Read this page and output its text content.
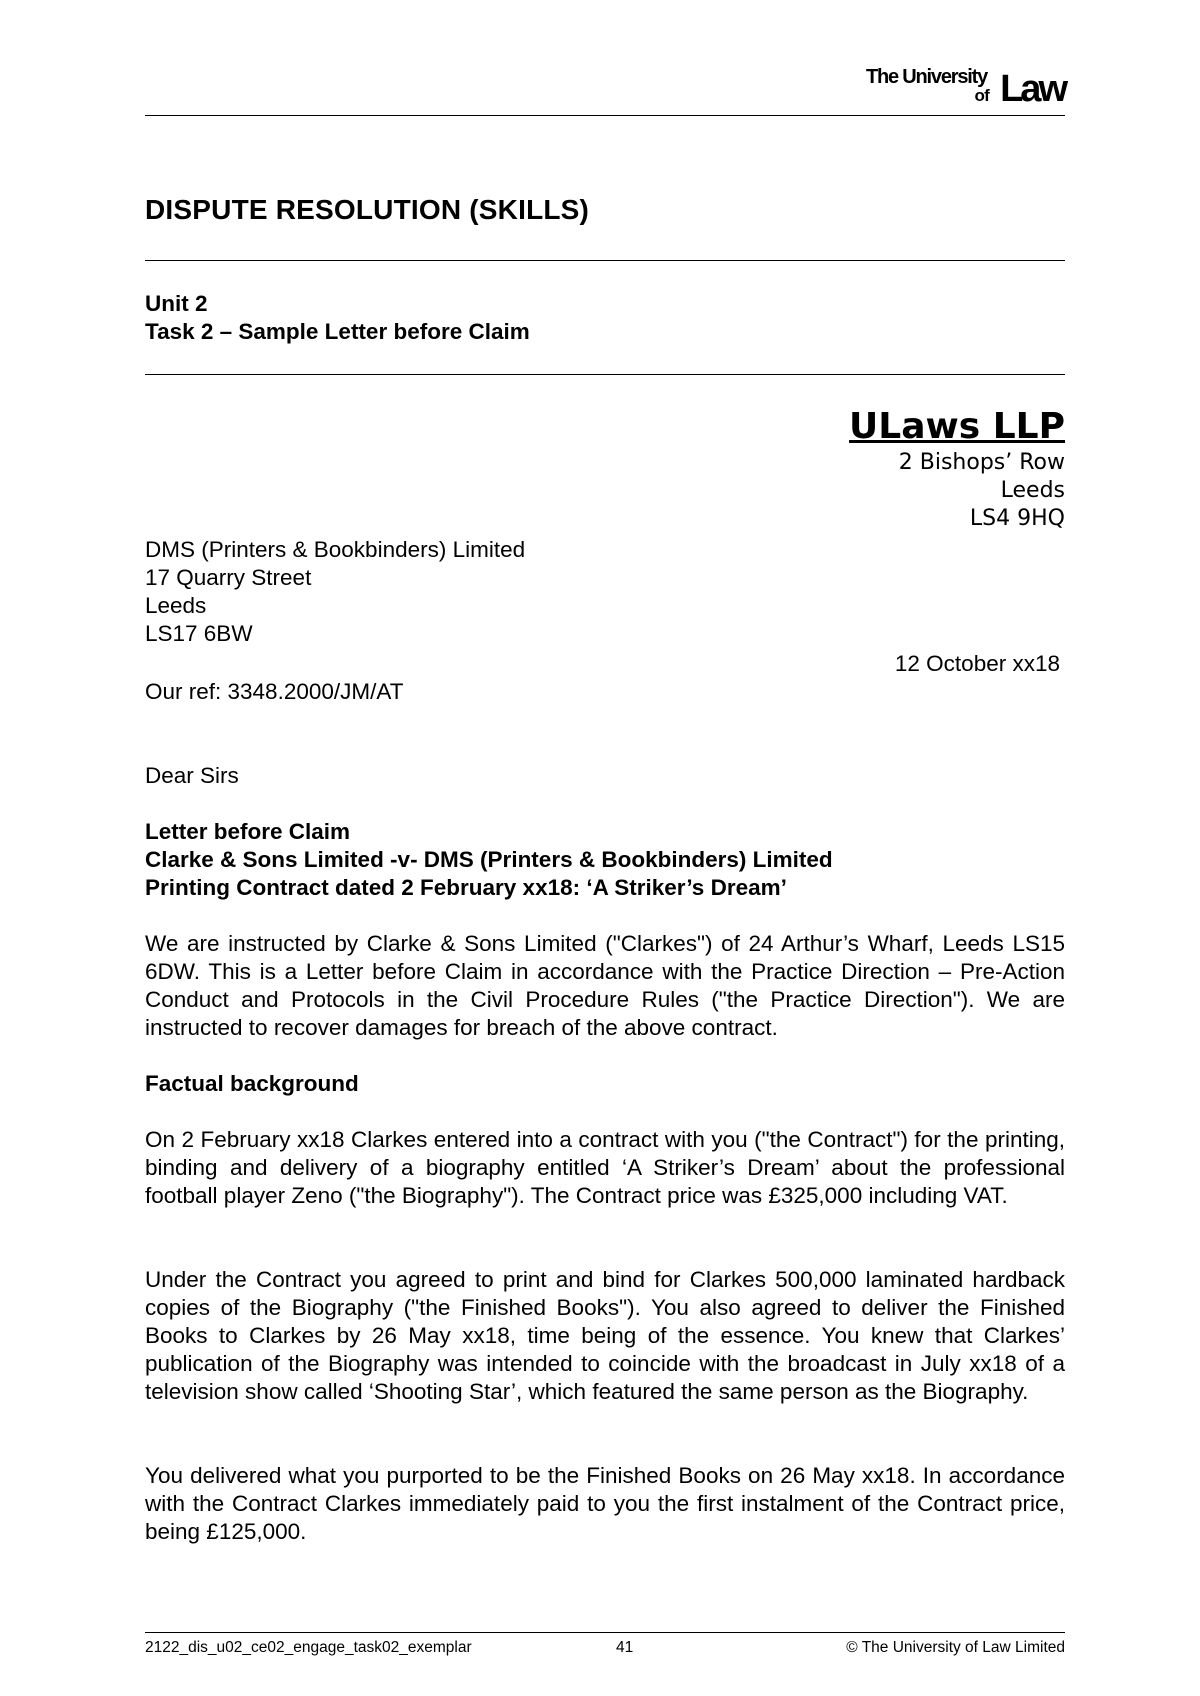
The University
of Law

DISPUTE RESOLUTION (SKILLS)

Unit 2

Task 2 – Sample Letter before Claim

ULaws LLP
2 Bishops’ Row
Leeds
LS4 9HQ

DMS (Printers & Bookbinders) Limited

17 Quarry Street

Leeds

LS17 6BW

12 October xx18

Our ref: 3348.2000/JM/AT

Dear Sirs

Letter before Claim

Clarke & Sons Limited -v- DMS (Printers & Bookbinders) Limited

Printing Contract dated 2 February xx18: ‘A Striker’s Dream’

We are instructed by Clarke & Sons Limited ("Clarkes") of 24 Arthur’s Wharf, Leeds LS15 6DW. This is a Letter before Claim in accordance with the Practice Direction – Pre-Action Conduct and Protocols in the Civil Procedure Rules ("the Practice Direction"). We are instructed to recover damages for breach of the above contract.

Factual background

On 2 February xx18 Clarkes entered into a contract with you ("the Contract") for the printing, binding and delivery of a biography entitled ‘A Striker’s Dream’ about the professional football player Zeno ("the Biography"). The Contract price was £325,000 including VAT.

Under the Contract you agreed to print and bind for Clarkes 500,000 laminated hardback copies of the Biography ("the Finished Books"). You also agreed to deliver the Finished Books to Clarkes by 26 May xx18, time being of the essence. You knew that Clarkes’ publication of the Biography was intended to coincide with the broadcast in July xx18 of a television show called ‘Shooting Star’, which featured the same person as the Biography.

You delivered what you purported to be the Finished Books on 26 May xx18. In accordance with the Contract Clarkes immediately paid to you the first instalment of the Contract price, being £125,000.

2122_dis_u02_ce02_engage_task02_exemplar	41	© The University of Law Limited
